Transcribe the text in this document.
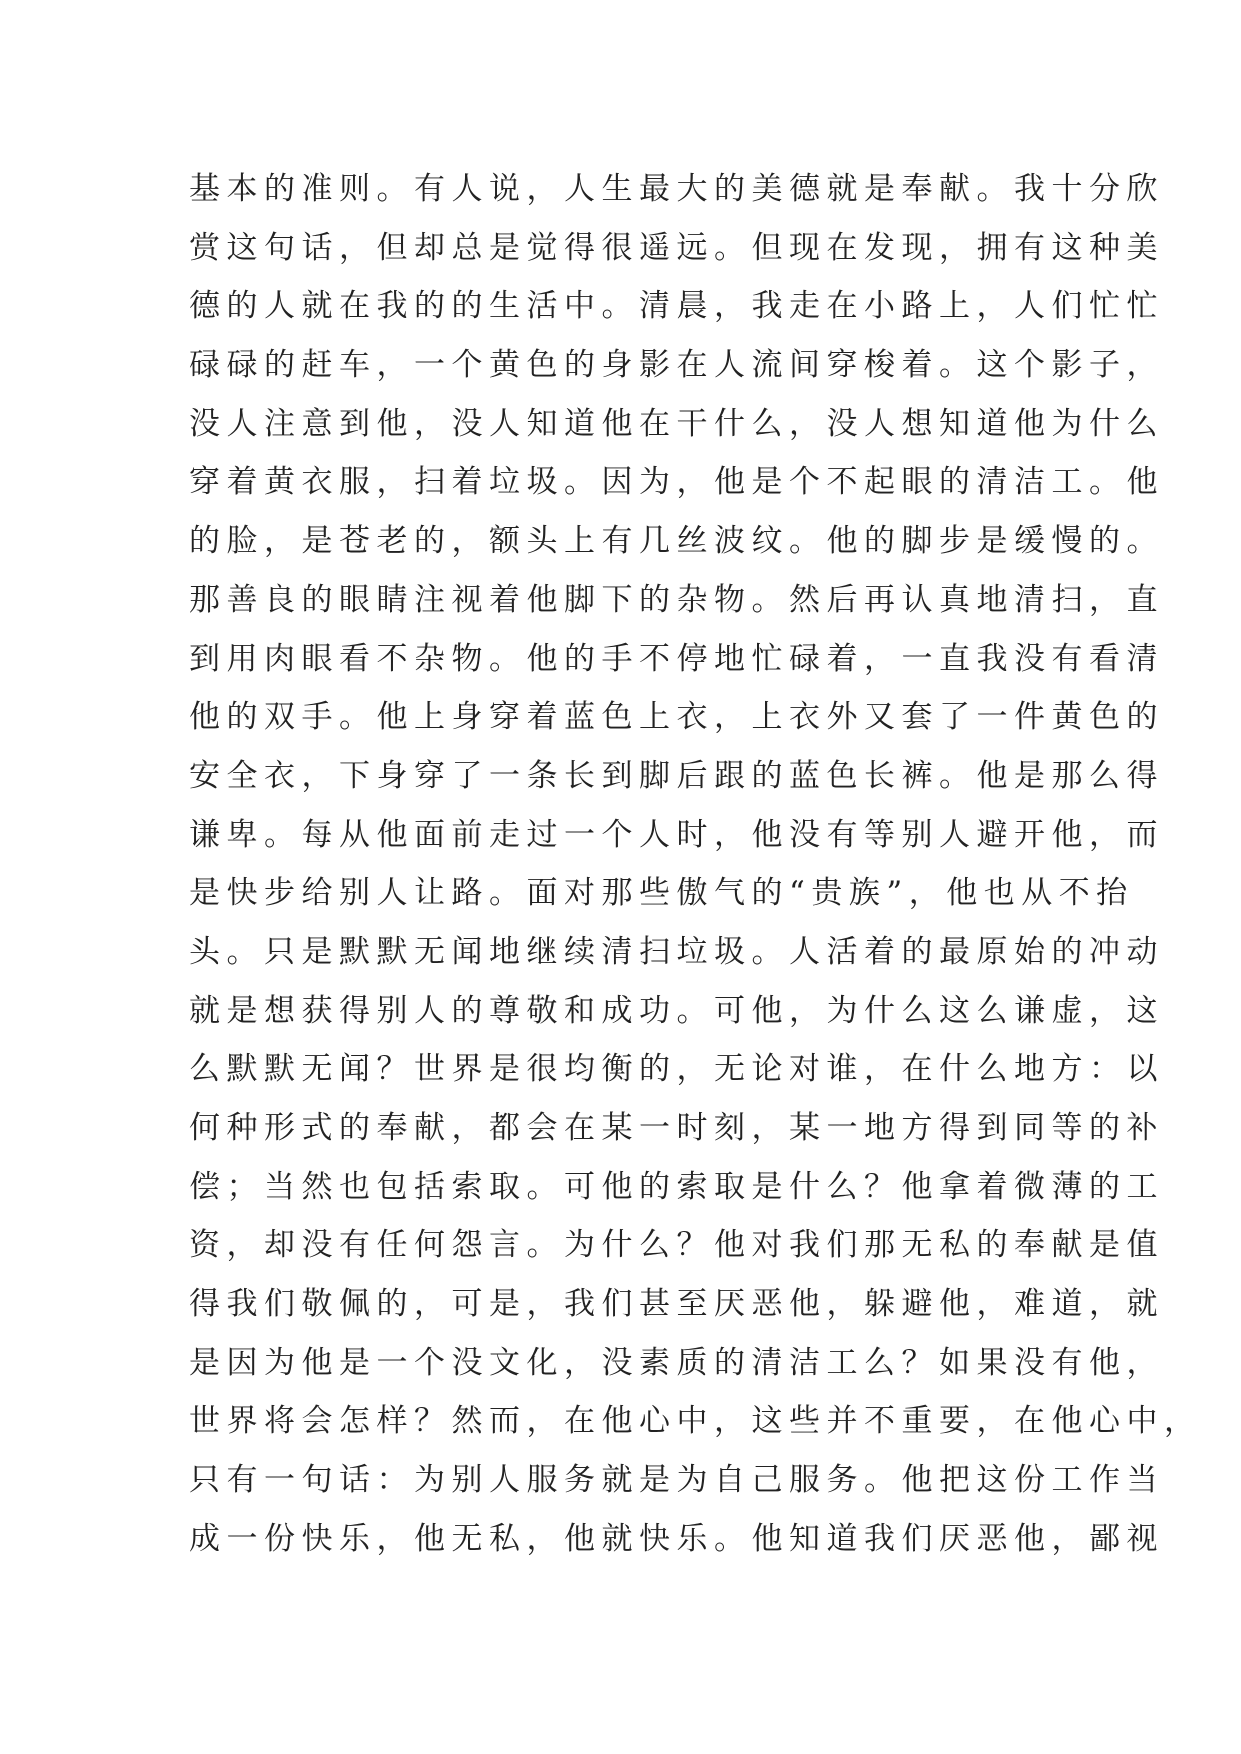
基本的准则。有人说，人生最大的美德就是奉献。我十分欣
赏这句话，但却总是觉得很遥远。但现在发现，拥有这种美
德的人就在我的的生活中。清晨，我走在小路上，人们忙忙
碌碌的赶车，一个黄色的身影在人流间穿梭着。这个影子，
没人注意到他，没人知道他在干什么，没人想知道他为什么
穿着黄衣服，扫着垃圾。因为，他是个不起眼的清洁工。他
的脸，是苍老的，额头上有几丝波纹。他的脚步是缓慢的。
那善良的眼睛注视着他脚下的杂物。然后再认真地清扫，直
到用肉眼看不杂物。他的手不停地忙碌着，一直我没有看清
他的双手。他上身穿着蓝色上衣，上衣外又套了一件黄色的
安全衣，下身穿了一条长到脚后跟的蓝色长裤。他是那么得
谦卑。每从他面前走过一个人时，他没有等别人避开他，而
是快步给别人让路。面对那些傲气的“贵族”，他也从不抬
头。只是默默无闻地继续清扫垃圾。人活着的最原始的冲动
就是想获得别人的尊敬和成功。可他，为什么这么谦虚，这
么默默无闻？世界是很均衡的，无论对谁，在什么地方：以
何种形式的奉献，都会在某一时刻，某一地方得到同等的补
偿；当然也包括索取。可他的索取是什么？他拿着微薄的工
资，却没有任何怨言。为什么？他对我们那无私的奉献是值
得我们敬佩的，可是，我们甚至厌恶他，躲避他，难道，就
是因为他是一个没文化，没素质的清洁工么？如果没有他，
世界将会怎样？然而，在他心中，这些并不重要，在他心中，
只有一句话：为别人服务就是为自己服务。他把这份工作当
成一份快乐，他无私，他就快乐。他知道我们厌恶他，鄙视
